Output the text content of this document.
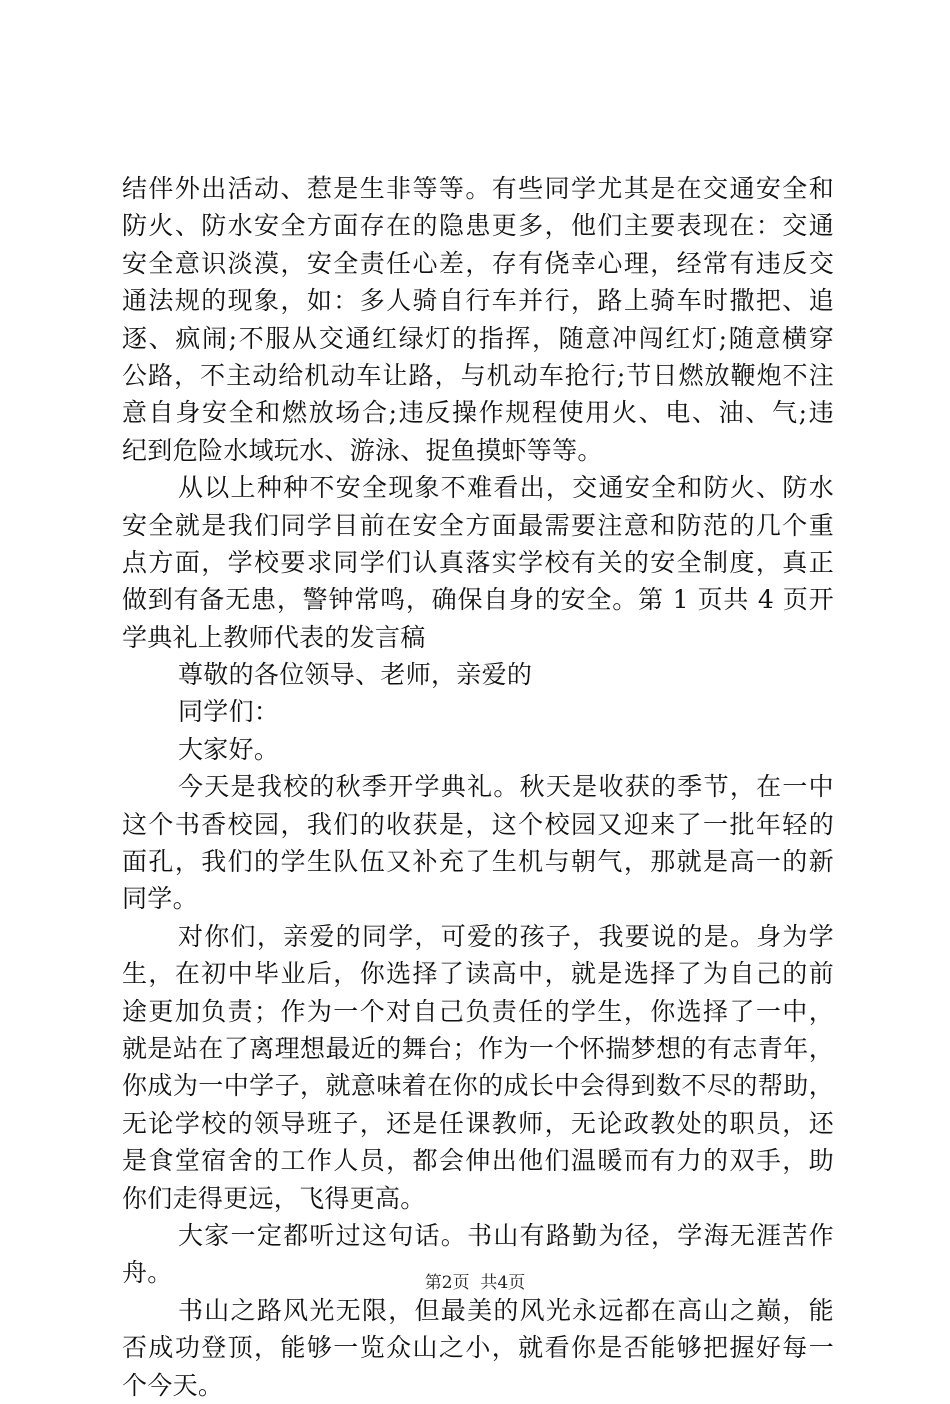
结伴外出活动、惹是生非等等。有些同学尤其是在交通安全和
防火、防水安全方面存在的隐患更多，他们主要表现在：交通
安全意识淡漠，安全责任心差，存有侥幸心理，经常有违反交
通法规的现象，如：多人骑自行车并行，路上骑车时撒把、追
逐、疯闹;不服从交通红绿灯的指挥，随意冲闯红灯;随意横穿
公路，不主动给机动车让路，与机动车抢行;节日燃放鞭炮不注
意自身安全和燃放场合;违反操作规程使用火、电、油、气;违
纪到危险水域玩水、游泳、捉鱼摸虾等等。
从以上种种不安全现象不难看出，交通安全和防火、防水
安全就是我们同学目前在安全方面最需要注意和防范的几个重
点方面，学校要求同学们认真落实学校有关的安全制度，真正
做到有备无患，警钟常鸣，确保自身的安全。第 1 页共 4 页开
学典礼上教师代表的发言稿
尊敬的各位领导、老师，亲爱的
同学们：
大家好。
今天是我校的秋季开学典礼。秋天是收获的季节，在一中
这个书香校园，我们的收获是，这个校园又迎来了一批年轻的
面孔，我们的学生队伍又补充了生机与朝气，那就是高一的新
同学。
对你们，亲爱的同学，可爱的孩子，我要说的是。身为学
生，在初中毕业后，你选择了读高中，就是选择了为自己的前
途更加负责；作为一个对自己负责任的学生，你选择了一中，
就是站在了离理想最近的舞台；作为一个怀揣梦想的有志青年，
你成为一中学子，就意味着在你的成长中会得到数不尽的帮助，
无论学校的领导班子，还是任课教师，无论政教处的职员，还
是食堂宿舍的工作人员，都会伸出他们温暖而有力的双手，助
你们走得更远，飞得更高。
大家一定都听过这句话。书山有路勤为径，学海无涯苦作
舟。
书山之路风光无限，但最美的风光永远都在高山之巅，能
否成功登顶，能够一览众山之小，就看你是否能够把握好每一
个今天。
第2页  共4页
